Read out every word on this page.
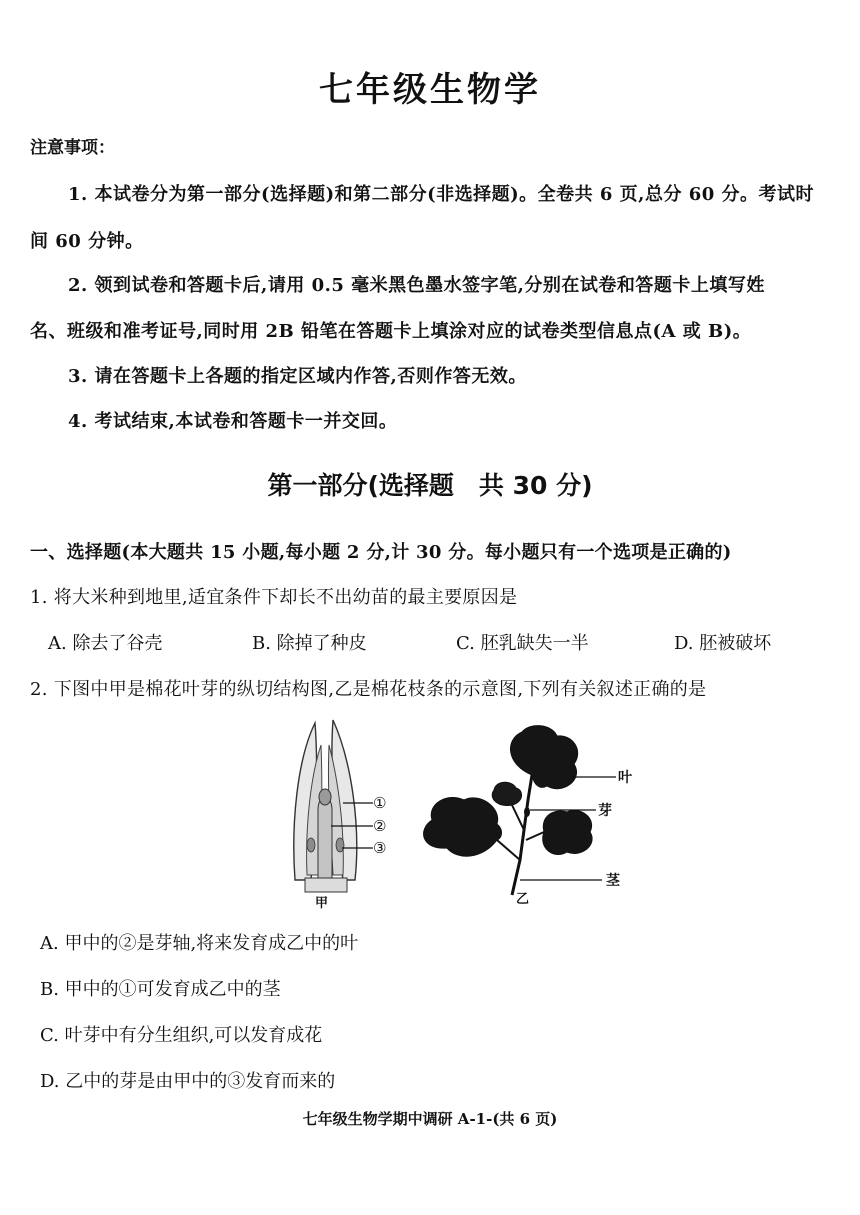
七年级生物学
注意事项：
1. 本试卷分为第一部分(选择题)和第二部分(非选择题)。全卷共 6 页,总分 60 分。考试时
间 60 分钟。
2. 领到试卷和答题卡后,请用 0.5 毫米黑色墨水签字笔,分别在试卷和答题卡上填写姓
名、班级和准考证号,同时用 2B 铅笔在答题卡上填涂对应的试卷类型信息点(A 或 B)。
3. 请在答题卡上各题的指定区域内作答,否则作答无效。
4. 考试结束,本试卷和答题卡一并交回。
第一部分(选择题　共 30 分)
一、选择题(本大题共 15 小题,每小题 2 分,计 30 分。每小题只有一个选项是正确的)
1. 将大米种到地里,适宜条件下却长不出幼苗的最主要原因是
A. 除去了谷壳	B. 除掉了种皮	C. 胚乳缺失一半	D. 胚被破坏
2. 下图中甲是棉花叶芽的纵切结构图,乙是棉花枝条的示意图,下列有关叙述正确的是
①
②
③
甲
叶
芽
茎
乙
A. 甲中的②是芽轴,将来发育成乙中的叶
B. 甲中的①可发育成乙中的茎
C. 叶芽中有分生组织,可以发育成花
D. 乙中的芽是由甲中的③发育而来的
七年级生物学期中调研 A-1-(共 6 页)
